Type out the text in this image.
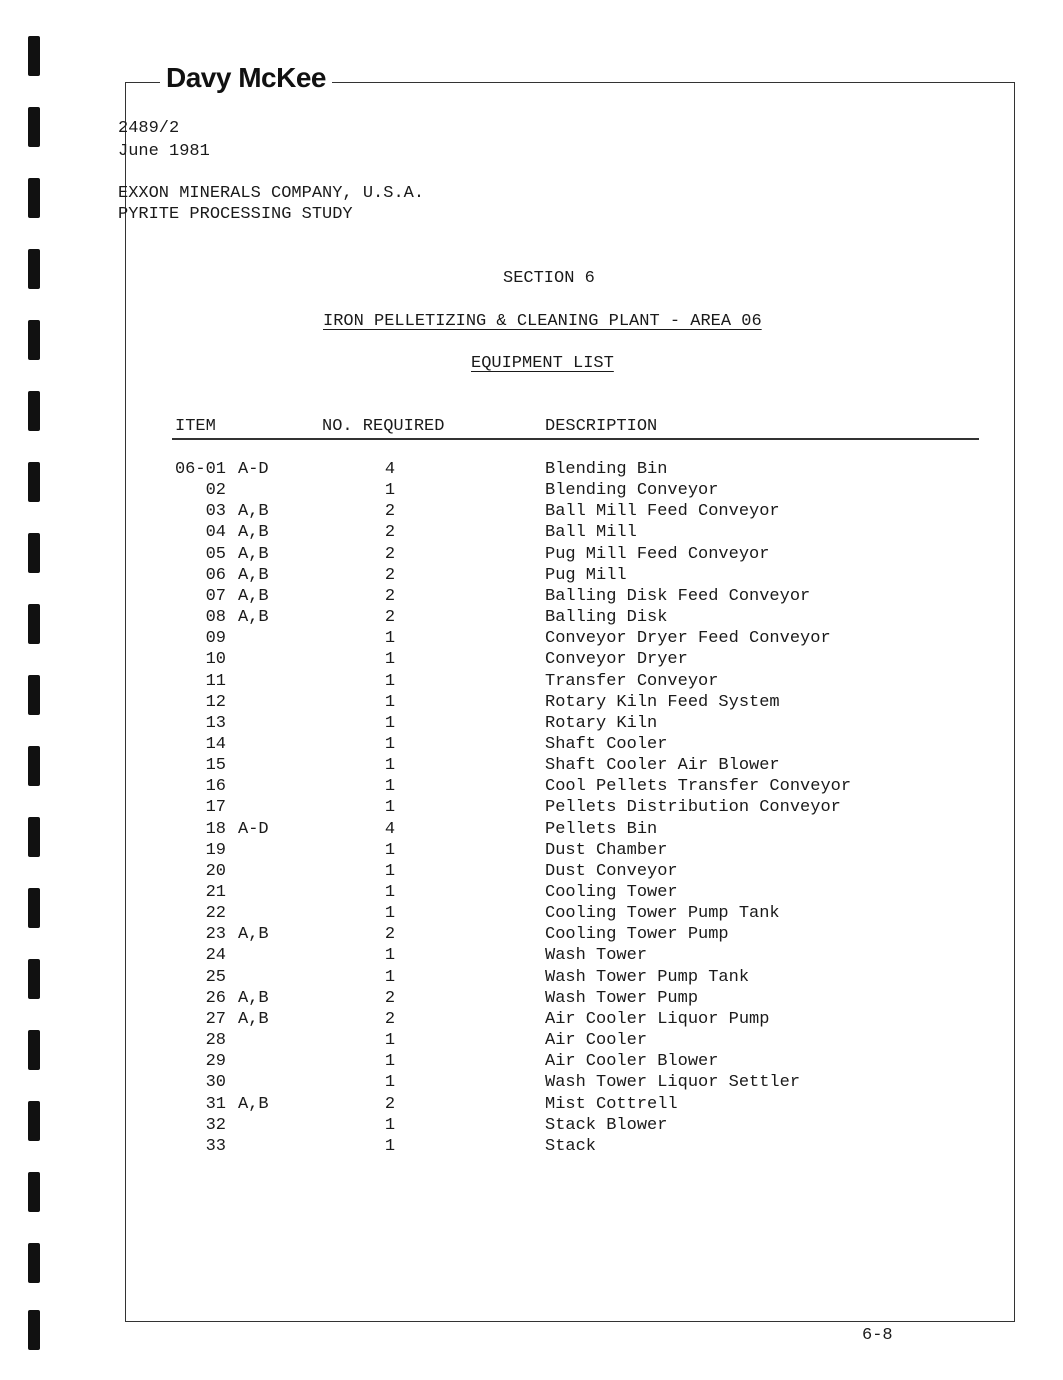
Davy McKee
2489/2
June 1981
EXXON MINERALS COMPANY, U.S.A.
PYRITE PROCESSING STUDY
SECTION 6
IRON PELLETIZING & CLEANING PLANT - AREA 06
EQUIPMENT LIST
ITEM	NO. REQUIRED	DESCRIPTION
06-01 A-D	4	Blending Bin
02	1	Blending Conveyor
03 A,B	2	Ball Mill Feed Conveyor
04 A,B	2	Ball Mill
05 A,B	2	Pug Mill Feed Conveyor
06 A,B	2	Pug Mill
07 A,B	2	Balling Disk Feed Conveyor
08 A,B	2	Balling Disk
09	1	Conveyor Dryer Feed Conveyor
10	1	Conveyor Dryer
11	1	Transfer Conveyor
12	1	Rotary Kiln Feed System
13	1	Rotary Kiln
14	1	Shaft Cooler
15	1	Shaft Cooler Air Blower
16	1	Cool Pellets Transfer Conveyor
17	1	Pellets Distribution Conveyor
18 A-D	4	Pellets Bin
19	1	Dust Chamber
20	1	Dust Conveyor
21	1	Cooling Tower
22	1	Cooling Tower Pump Tank
23 A,B	2	Cooling Tower Pump
24	1	Wash Tower
25	1	Wash Tower Pump Tank
26 A,B	2	Wash Tower Pump
27 A,B	2	Air Cooler Liquor Pump
28	1	Air Cooler
29	1	Air Cooler Blower
30	1	Wash Tower Liquor Settler
31 A,B	2	Mist Cottrell
32	1	Stack Blower
33	1	Stack
6-8
